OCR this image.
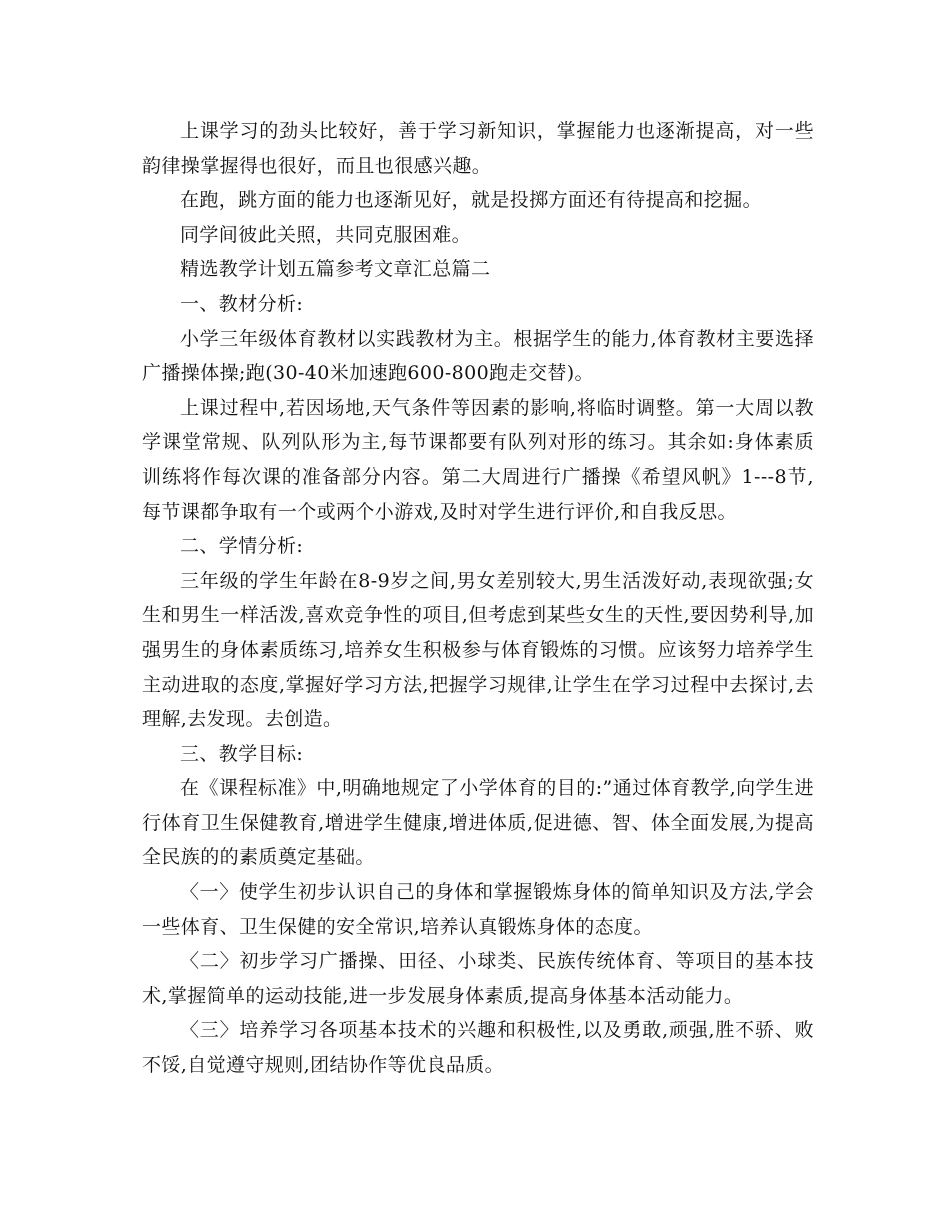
上课学习的劲头比较好，善于学习新知识，掌握能力也逐渐提高，对一些韵律操掌握得也很好，而且也很感兴趣。

在跑，跳方面的能力也逐渐见好，就是投掷方面还有待提高和挖掘。

同学间彼此关照，共同克服困难。

精选教学计划五篇参考文章汇总篇二

一、教材分析:

小学三年级体育教材以实践教材为主。根据学生的能力,体育教材主要选择广播操体操;跑(30-40米加速跑600-800跑走交替)。

上课过程中,若因场地,天气条件等因素的影响,将临时调整。第一大周以教学课堂常规、队列队形为主,每节课都要有队列对形的练习。其余如:身体素质训练将作每次课的准备部分内容。第二大周进行广播操《希望风帆》1---8节,每节课都争取有一个或两个小游戏,及时对学生进行评价,和自我反思。

二、学情分析:

三年级的学生年龄在8-9岁之间,男女差别较大,男生活泼好动,表现欲强;女生和男生一样活泼,喜欢竞争性的项目,但考虑到某些女生的天性,要因势利导,加强男生的身体素质练习,培养女生积极参与体育锻炼的习惯。应该努力培养学生主动进取的态度,掌握好学习方法,把握学习规律,让学生在学习过程中去探讨,去理解,去发现。去创造。

三、教学目标:

在《课程标准》中,明确地规定了小学体育的目的:”通过体育教学,向学生进行体育卫生保健教育,增进学生健康,增进体质,促进德、智、体全面发展,为提高全民族的的素质奠定基础。

〈一〉使学生初步认识自己的身体和掌握锻炼身体的简单知识及方法,学会一些体育、卫生保健的安全常识,培养认真锻炼身体的态度。

〈二〉初步学习广播操、田径、小球类、民族传统体育、等项目的基本技术,掌握简单的运动技能,进一步发展身体素质,提高身体基本活动能力。

〈三〉培养学习各项基本技术的兴趣和积极性,以及勇敢,顽强,胜不骄、败不馁,自觉遵守规则,团结协作等优良品质。
